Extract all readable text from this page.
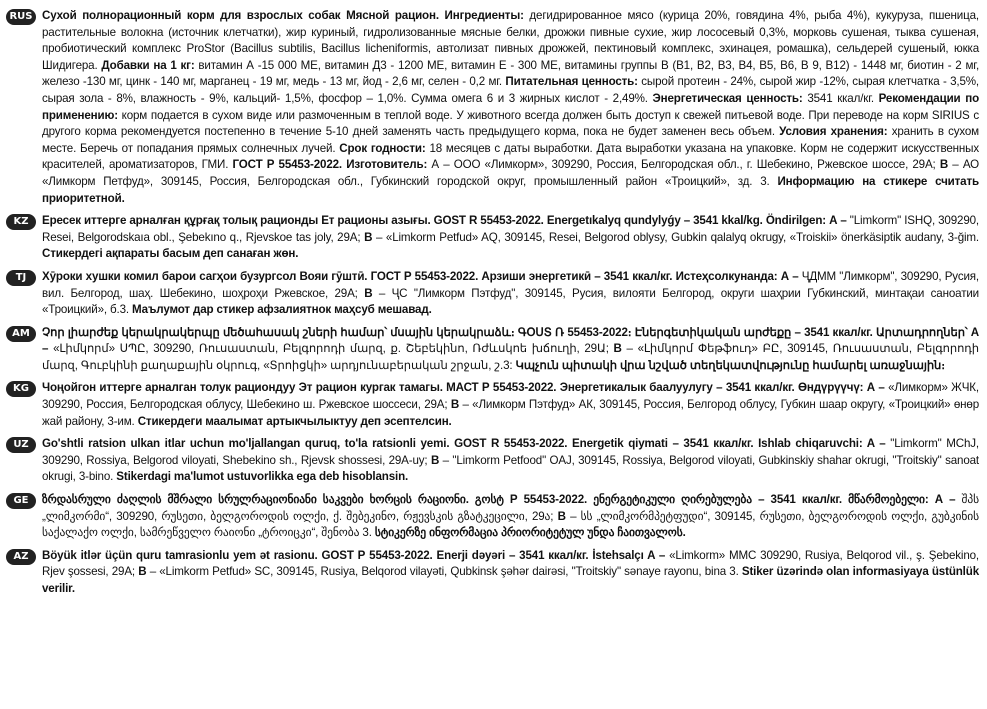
RUS Сухой полнорационный корм для взрослых собак Мясной рацион. Ингредиенты: дегидрированное мясо (курица 20%, говядина 4%, рыба 4%), кукуруза, пшеница, растительные волокна (источник клетчатки), жир куриный, гидролизованные мясные белки, дрожжи пивные сухие, жир лососевый 0,3%, морковь сушеная, тыква сушеная, пробиотический комплекс ProStor (Bacillus subtilis, Bacillus licheniformis, автолизат пивных дрожжей, пектиновый комплекс, эхинацея, ромашка), сельдерей сушеный, юкка Шидигера. Добавки на 1 кг: витамин А -15 000 МЕ, витамин Д3 - 1200 МЕ, витамин Е - 300 МЕ, витамины группы В (В1, В2, В3, В4, В5, В6, В 9, В12) - 1448 мг, биотин - 2 мг, железо -130 мг, цинк - 140 мг, марганец - 19 мг, медь - 13 мг, йод - 2,6 мг, селен - 0,2 мг. Питательная ценность: сырой протеин - 24%, сырой жир -12%, сырая клетчатка - 3,5%, сырая зола - 8%, влажность - 9%, кальций- 1,5%, фосфор – 1,0%. Сумма омега 6 и 3 жирных кислот - 2,49%. Энергетическая ценность: 3541 ккал/кг. Рекомендации по применению: корм подается в сухом виде или размоченным в теплой воде. У животного всегда должен быть доступ к свежей питьевой воде. При переводе на корм SIRIUS с другого корма рекомендуется постепенно в течение 5-10 дней заменять часть предыдущего корма, пока не будет заменен весь объем. Условия хранения: хранить в сухом месте. Беречь от попадания прямых солнечных лучей. Срок годности: 18 месяцев с даты выработки. Дата выработки указана на упаковке. Корм не содержит искусственных красителей, ароматизаторов, ГМИ. ГОСТ Р 55453-2022. Изготовитель: А – ООО «Лимкорм», 309290, Россия, Белгородская обл., г. Шебекино, Ржевское шоссе, 29А; В – АО «Лимкорм Петфуд», 309145, Россия, Белгородская обл., Губкинский городской округ, промышленный район «Троицкий», зд. 3. Информацию на стикере считать приоритетной.

KZ	Ересек иттерге арналған құрғақ толық рационды Ет рационы азығы. GOST R 55453-2022. Energetıkalyq qundylyǵy – 3541 kkal/kg. Öndirilgen: А – "Limkorm" ISHQ, 309290, Resei, Belgorodskaıa obl., Şebekıno q., Rjevskoe tas joly, 29A; B – «Limkorm Petfud» AQ, 309145, Resei, Belgorod oblysy, Gubkin qalalyq okrugy, «Troiskii» önerkäsiptik audany, 3-ğim. Стикердегі ақпараты басым деп санаған жөн.

TJ	Хӯроки хушки комил барои сагҳои бузургсол Вояи гӯштӣ. ГОСТ Р 55453-2022. Арзиши энергетикӣ – 3541 ккал/кг. Истеҳсолкунанда: А – ҶДММ "Лимкорм", 309290, Русия, вил. Белгород, шаҳ. Шебекино, шоҳроҳи Ржевское, 29А; В – ҶС "Лимкорм Пэтфуд", 309145, Русия, вилояти Белгород, округи шаҳрии Губкинский, минтақаи саноатии «Троицкий», б.3. Маълумот дар стикер афзалиятнок маҳсуб мешавад.

AM	Չոր լիարժեք կերակրակերպը մեծահասակ շների համար՝ մսային կերակրաձև։ ԳՕՍՏ Ռ 55453-2022։ Էներգետիկական արժեքը – 3541 ккал/кг. Արտադրողներ՝ А – «Լիմկորմ» ՍՊԸ, 309290, Ռուսաստան, Բելգորոդի մարզ, ք. Շեբեկինո, Ռժևսկոե խճուղի, 29Ա; B – «Լիմկորմ Փեթֆուդ» ԲԸ, 309145, Ռուսաստան, Բելգորոդի մարզ, Գուբկինի քաղաքային օկրուգ, «Տրոիցկի» արդյունաբերական շրջան, շ.3: Կպչուն պիտակի վրա նշված տեղեկատվությունը համարել առաջնային։

KG	Чоңойгон иттерге арналган толук рациондуу Эт рацион кургак тамагы. МАСТ Р 55453-2022. Энергетикалык баалуулугу – 3541 ккал/кг. Өндүрүүчү: А – «Лимкорм» ЖЧК, 309290, Россия, Белгородская облусу, Шебекино ш. Ржевское шоссеси, 29А; В – «Лимкорм Пэтфуд» АК, 309145, Россия, Белгород облусу, Губкин шаар округу, «Троицкий» өнөр жай району, 3-им. Стикердеги маалымат артыкчылыктуу деп эсептелсин.

UZ	Go'shtli ratsion ulkan itlar uchun mo'ljallangan quruq, to'la ratsionli yemi. GOST R 55453-2022. Energetik qiymati – 3541 ккал/кг. Ishlab chiqaruvchi: A – "Limkorm" MChJ, 309290, Rossiya, Belgorod viloyati, Shebekino sh., Rjevsk shossesi, 29A-uy; B – "Limkorm Petfood" OAJ, 309145, Rossiya, Belgorod viloyati, Gubkinskiy shahar okrugi, "Troitskiy" sanoat okrugi, 3-bino. Stikerdagi ma'lumot ustuvorlikka ega deb hisoblansin.

GE	ზრდასრული ძაღლის მშრალი სრულრაციონიანი საკვები ხორცის რაციონი. გოსტ Р 55453-2022. ენერგეტიკული ღირებულება – 3541 ккал/кг. მწარმოებელი: А – შპს „ლიმკორმი“, 309290, რუსეთი, ბელგოროდის ოლქი, ქ. შებეკინო, რჟევსკის გზატკეცილი, 29ა; В – სს „ლიმკორმპეტფუდი“, 309145, რუსეთი, ბელგოროდის ოლქი, გუბკინის საქალაქო ოლქი, სამრეწველო რაიონი „ტროიცკი“, შენობა 3. სტიკერზე ინფორმაცია პრიორიტეტულ უნდა ჩაითვალოს.

AZ	Böyük itlər üçün quru tamrasionlu yem ət rasionu. GOST Р 55453-2022. Enerji dəyəri – 3541 ккал/кг. İstehsalçı A – «Limkorm» MMC 309290, Rusiya, Belqorod vil., ş. Şebekino, Rjev şossesi, 29A; B – «Limkorm Petfud» SC, 309145, Rusiya, Belqorod vilayəti, Qubkinsk şəhər dairəsi, "Troitskiy" sənaye rayonu, bina 3. Stiker üzərində olan informasiyaya üstünlük verilir.
